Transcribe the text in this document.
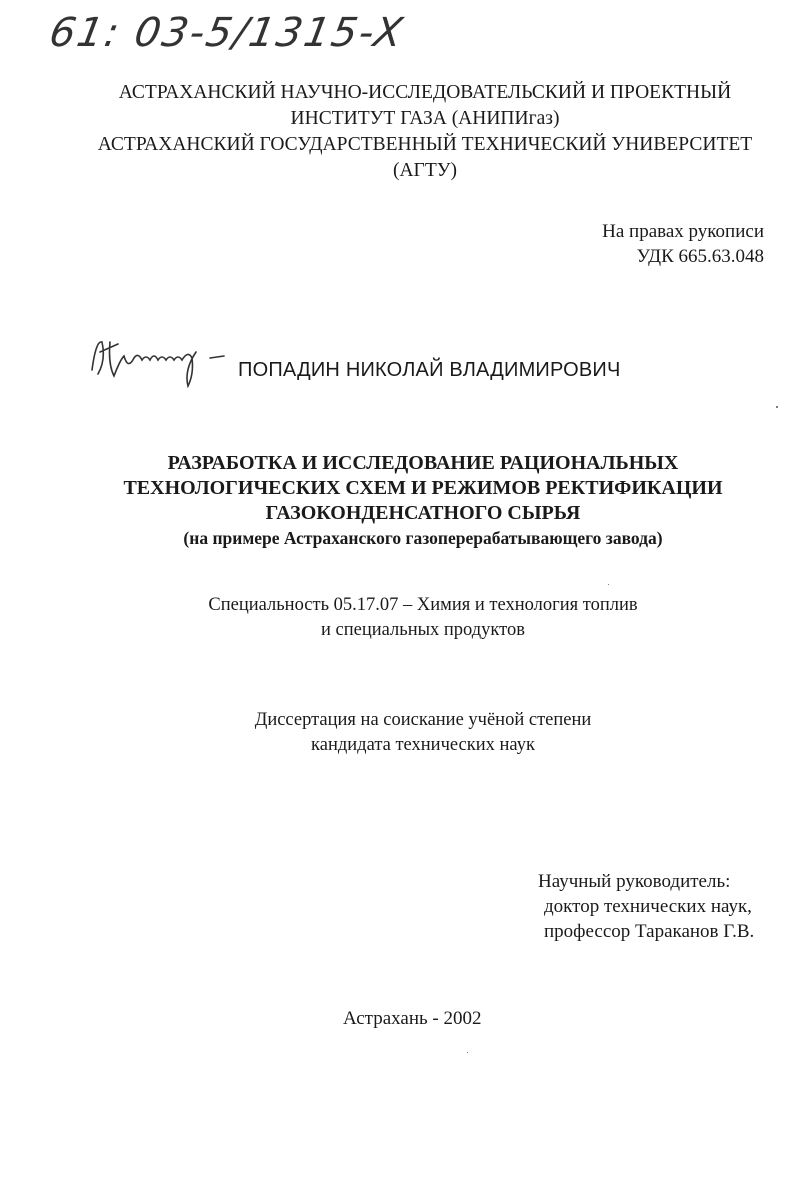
61: 03-5/1315-X
АСТРАХАНСКИЙ НАУЧНО-ИССЛЕДОВАТЕЛЬСКИЙ И ПРОЕКТНЫЙ
ИНСТИТУТ ГАЗА (АНИПИгаз)
АСТРАХАНСКИЙ ГОСУДАРСТВЕННЫЙ ТЕХНИЧЕСКИЙ УНИВЕРСИТЕТ
(АГТУ)
На правах рукописи
УДК 665.63.048
ПОПАДИН НИКОЛАЙ ВЛАДИМИРОВИЧ
РАЗРАБОТКА И ИССЛЕДОВАНИЕ РАЦИОНАЛЬНЫХ
ТЕХНОЛОГИЧЕСКИХ СХЕМ И РЕЖИМОВ РЕКТИФИКАЦИИ
ГАЗОКОНДЕНСАТНОГО СЫРЬЯ
(на примере Астраханского газоперерабатывающего завода)
Специальность 05.17.07 – Химия и технология топлив
и специальных продуктов
Диссертация на соискание учёной степени
кандидата технических наук
Научный руководитель:
доктор технических наук,
профессор Тараканов Г.В.
Астрахань - 2002
